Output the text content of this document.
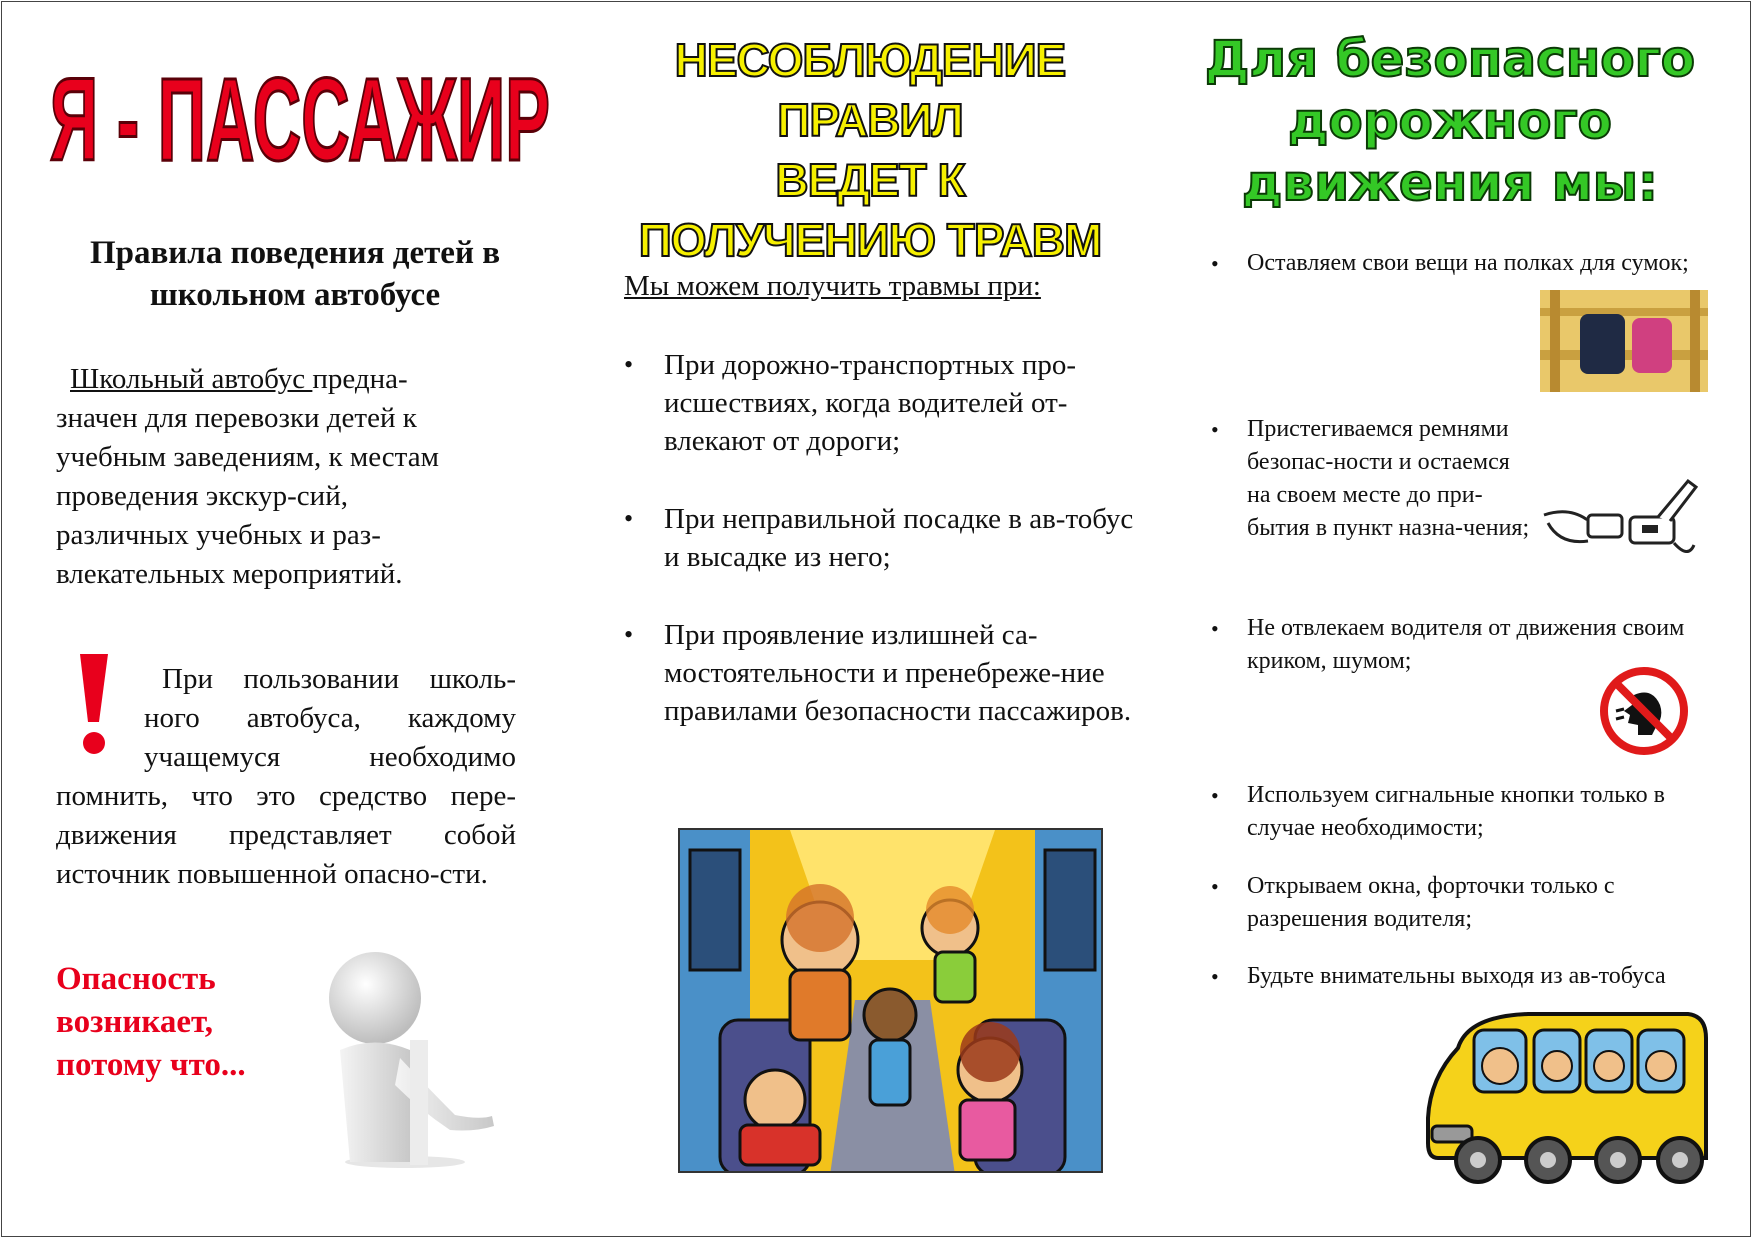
Я - ПАССАЖИР
Правила поведения детей в школьном автобусе
Школьный автобус предна-
значен для перевозки детей к учебным заведениям, к местам проведения экскур-сий, различных учебных и раз-влекательных мероприятий.
При пользовании школь-ного автобуса, каждому учащемуся необходимо помнить, что это средство пере-движения представляет собой источник повышенной опасно-сти.
Опасность возникает, потому что...
НЕСОБЛЮДЕНИЕ ПРАВИЛ
ВЕДЕТ К
ПОЛУЧЕНИЮ ТРАВМ
Мы можем получить травмы при:
• При дорожно-транспортных про-исшествиях, когда водителей от-влекают от дороги;
• При неправильной посадке в ав-тобус и высадке из него;
• При проявление излишней са-мостоятельности и пренебреже-ние правилами безопасности пассажиров.
Для безопасного
дорожного
движения мы:
• Оставляем свои вещи на полках для сумок;
• Пристегиваемся ремнями безопас-ности и остаемся на своем месте до при-бытия в пункт назна-чения;
• Не отвлекаем водителя от движения своим криком, шумом;
• Используем сигнальные кнопки только в случае необходимости;
• Открываем окна, форточки только с разрешения водителя;
• Будьте внимательны выходя из ав-тобуса
